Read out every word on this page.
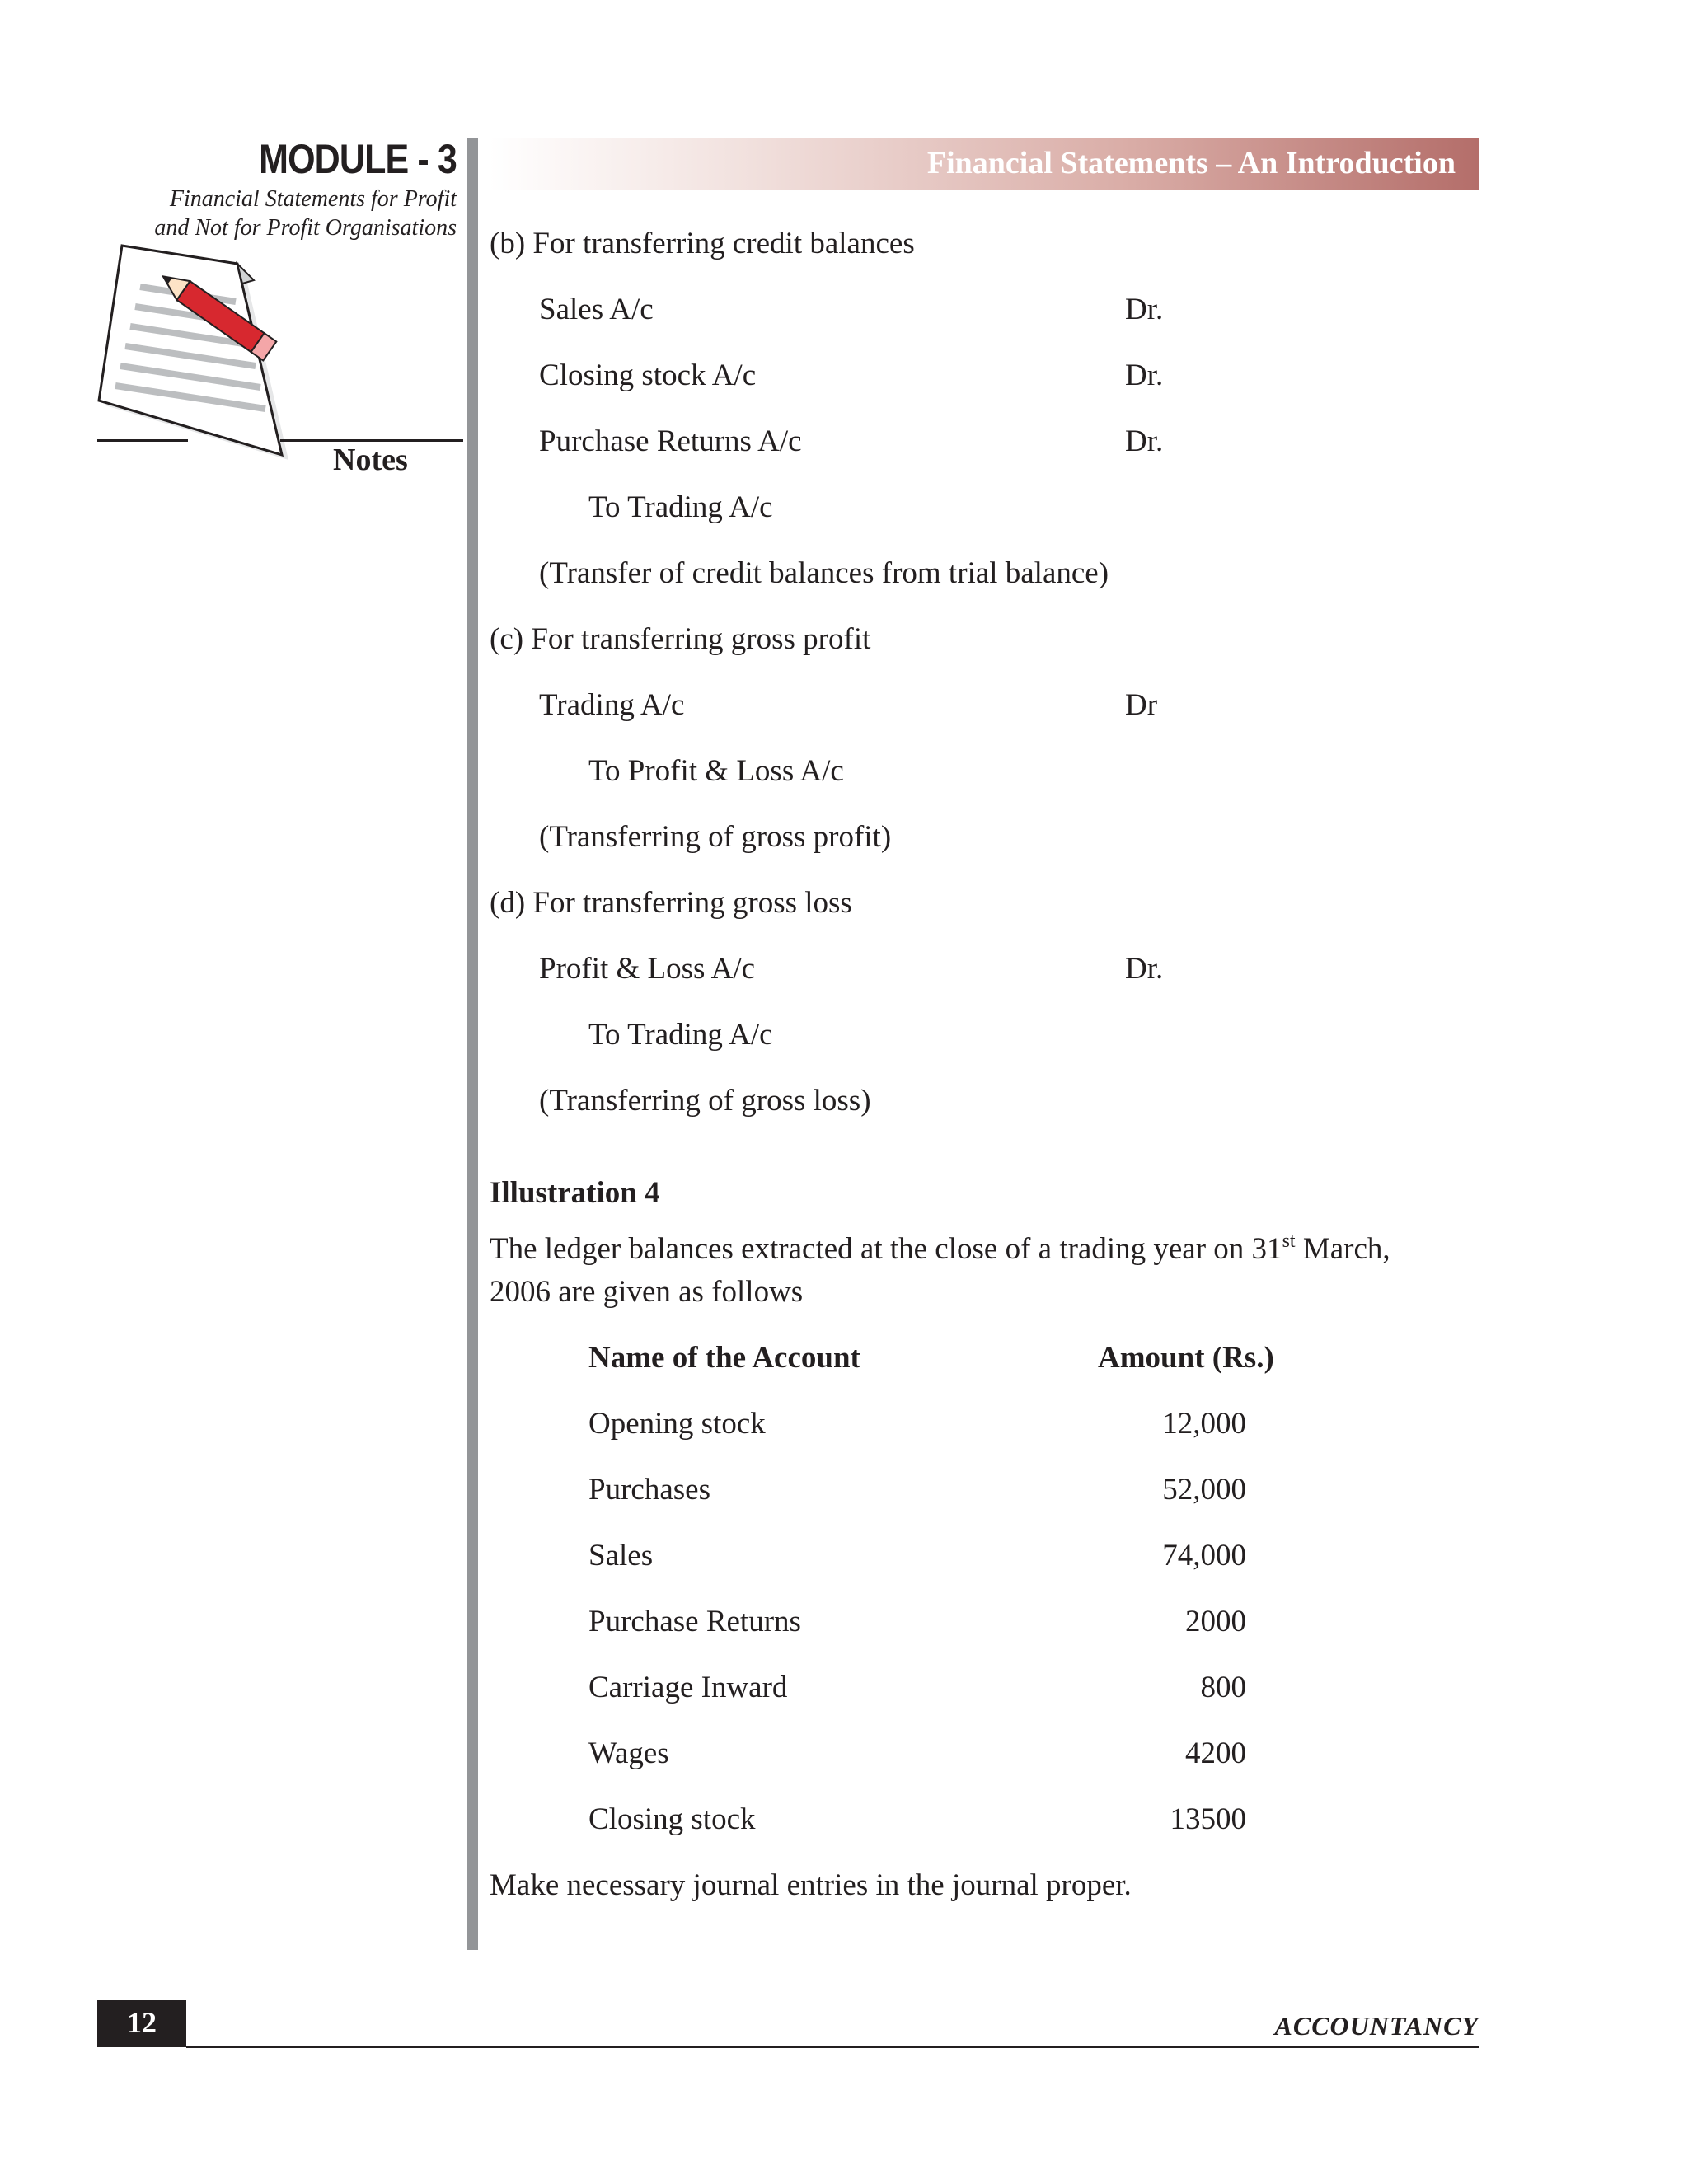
MODULE - 3
Financial Statements for Profit
and Not for Profit Organisations
Notes
Financial Statements – An Introduction
(b) For transferring credit balances
Sales A/c	Dr.
Closing stock A/c	Dr.
Purchase Returns A/c	Dr.
To Trading A/c
(Transfer of credit balances from trial balance)
(c) For transferring gross profit
Trading A/c	Dr
To Profit & Loss A/c
(Transferring of gross profit)
(d) For transferring gross loss
Profit & Loss A/c	Dr.
To Trading A/c
(Transferring of gross loss)
Illustration 4
The ledger balances extracted at the close of a trading year on 31st March,
2006 are given as follows
Name of the Account	Amount (Rs.)
Opening stock	12,000
Purchases	52,000
Sales	74,000
Purchase Returns	2000
Carriage Inward	800
Wages	4200
Closing stock	13500
Make necessary journal entries in the journal proper.
12	ACCOUNTANCY
